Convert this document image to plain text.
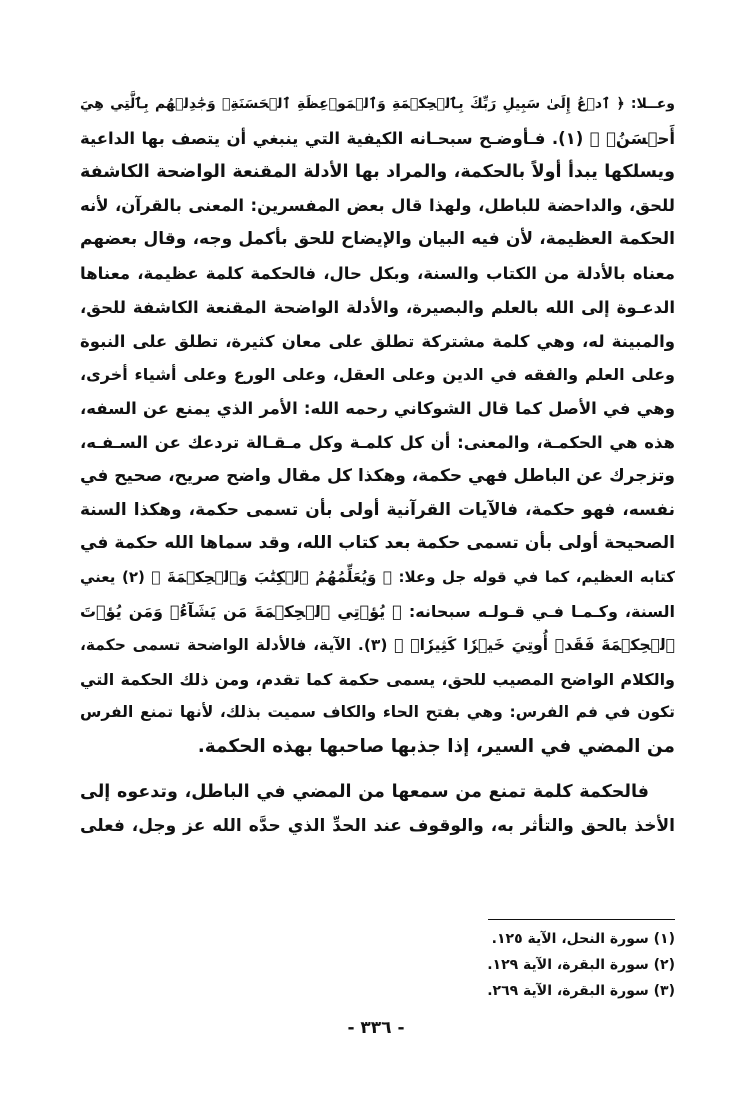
وعــلا: ﴿ ٱدۡعُ إِلَىٰ سَبِيلِ رَبِّكَ بِٱلۡحِكۡمَةِ وَٱلۡمَوۡعِظَةِ ٱلۡحَسَنَةِۖ وَجَٰدِلۡهُم بِٱلَّتِي هِيَ
أَحۡسَنُۚ ﴾ (١). فـأوضـح سبحـانه الكيفية التي ينبغي أن يتصف بها الداعية
ويسلكها يبدأ أولاً بالحكمة، والمراد بها الأدلة المقنعة الواضحة الكاشفة
للحق، والداحضة للباطل، ولهذا قال بعض المفسرين: المعنى بالقرآن، لأنه
الحكمة العظيمة، لأن فيه البيان والإيضاح للحق بأكمل وجه، وقال بعضهم
معناه بالأدلة من الكتاب والسنة، وبكل حال، فالحكمة كلمة عظيمة، معناها
الدعـوة إلى الله بالعلم والبصيرة، والأدلة الواضحة المقنعة الكاشفة للحق،
والمبينة له، وهي كلمة مشتركة تطلق على معان كثيرة، تطلق على النبوة
وعلى العلم والفقه في الدين وعلى العقل، وعلى الورع وعلى أشياء أخرى،
وهي في الأصل كما قال الشوكاني رحمه الله: الأمر الذي يمنع عن السفه،
هذه هي الحكمـة، والمعنى: أن كل كلمـة وكل مـقـالة تردعك عن السـفـه،
وتزجرك عن الباطل فهي حكمة، وهكذا كل مقال واضح صريح، صحيح في
نفسه، فهو حكمة، فالآيات القرآنية أولى بأن تسمى حكمة، وهكذا السنة
الصحيحة أولى بأن تسمى حكمة بعد كتاب الله، وقد سماها الله حكمة في
كتابه العظيم، كما في قوله جل وعلا: ﴿ وَيُعَلِّمُهُمُ ٱلۡكِتَٰبَ وَٱلۡحِكۡمَةَ ﴾ (٢) يعني
السنة، وكـمـا فـي قـولـه سبحانه: ﴿ يُؤۡتِي ٱلۡحِكۡمَةَ مَن يَشَآءُۚ وَمَن يُؤۡتَ
ٱلۡحِكۡمَةَ فَقَدۡ أُوتِيَ خَيۡرٗا كَثِيرٗاۗ ﴾ (٣). الآية، فالأدلة الواضحة تسمى حكمة،
والكلام الواضح المصيب للحق، يسمى حكمة كما تقدم، ومن ذلك الحكمة التي
تكون في فم الفرس: وهي بفتح الحاء والكاف سميت بذلك، لأنها تمنع الفرس
من المضي في السير، إذا جذبها صاحبها بهذه الحكمة.
فالحكمة كلمة تمنع من سمعها من المضي في الباطل، وتدعوه إلى
الأخذ بالحق والتأثر به، والوقوف عند الحدِّ الذي حدَّه الله عز وجل، فعلى
(١) سورة النحل، الآية ١٢٥.
(٢) سورة البقرة، الآية ١٢٩.
(٣) سورة البقرة، الآية ٢٦٩.
- ٣٣٦ -
